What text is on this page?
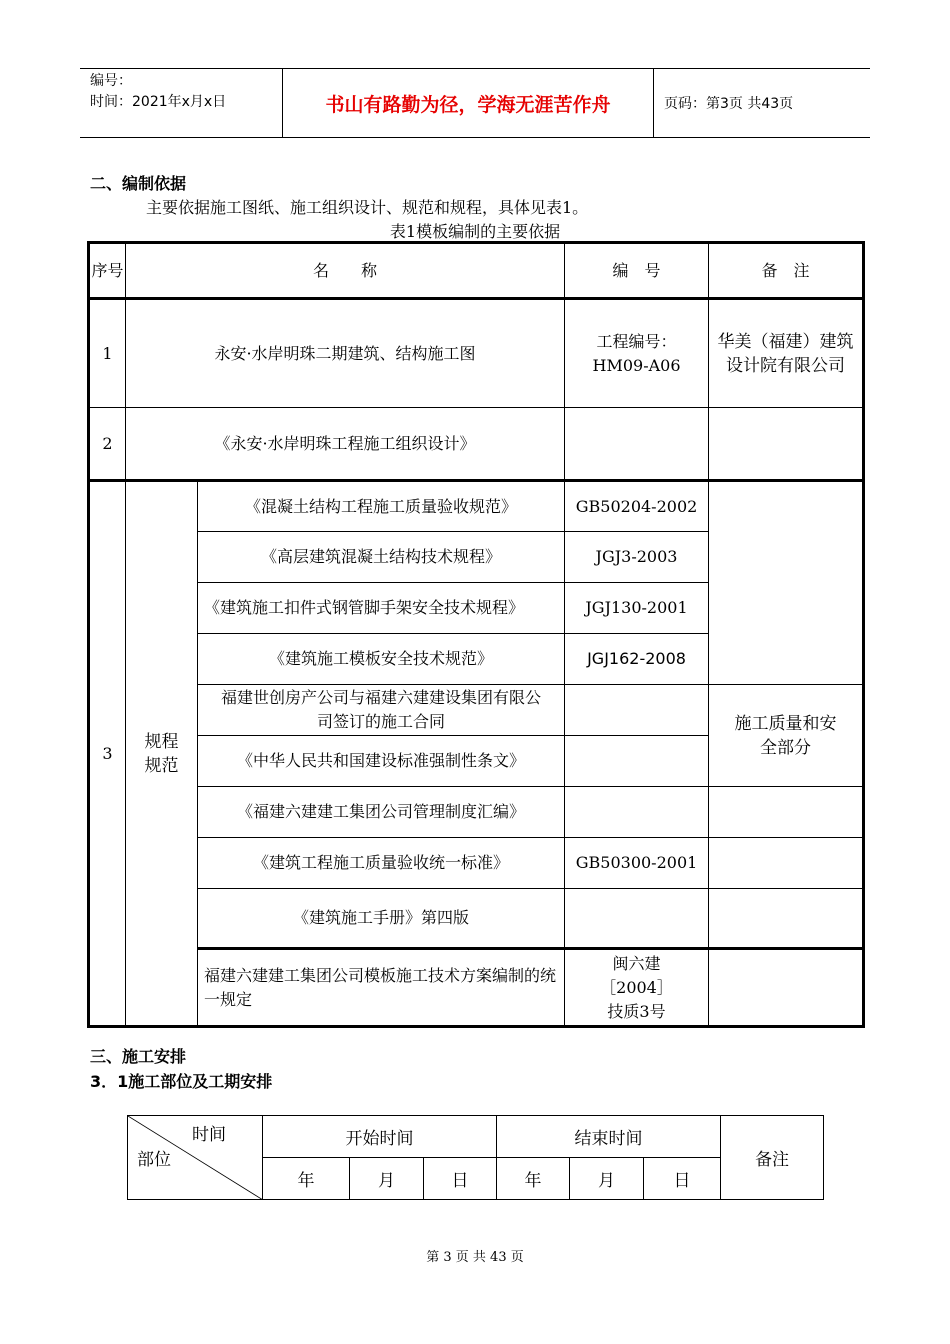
编号：
时间：2021年x月x日	书山有路勤为径，学海无涯苦作舟	页码：第3页 共43页
二、编制依据
主要依据施工图纸、施工组织设计、规范和规程，具体见表1。
表1模板编制的主要依据
序号	名　　称		编　号	备　注
1	永安·水岸明珠二期建筑、结构施工图		工程编号：HM09-A06	华美（福建）建筑设计院有限公司
2	《永安·水岸明珠工程施工组织设计》			
3	规程规范	《混凝土结构工程施工质量验收规范》	GB50204-2002	
		《高层建筑混凝土结构技术规程》	JGJ3-2003	
		《建筑施工扣件式钢管脚手架安全技术规程》	JGJ130-2001	
		《建筑施工模板安全技术规范》	JGJ162-2008	
		福建世创房产公司与福建六建建设集团有限公司签订的施工合同		施工质量和安全部分
		《中华人民共和国建设标准强制性条文》		
		《福建六建建工集团公司管理制度汇编》		
		《建筑工程施工质量验收统一标准》	GB50300-2001	
		《建筑施工手册》第四版		
		福建六建建工集团公司模板施工技术方案编制的统一规定	闽六建［2004］技质3号	
三、施工安排
3．1施工部位及工期安排
时间
部位	开始时间			结束时间			备注
	年	月	日	年	月	日	
第 3 页 共 43 页
